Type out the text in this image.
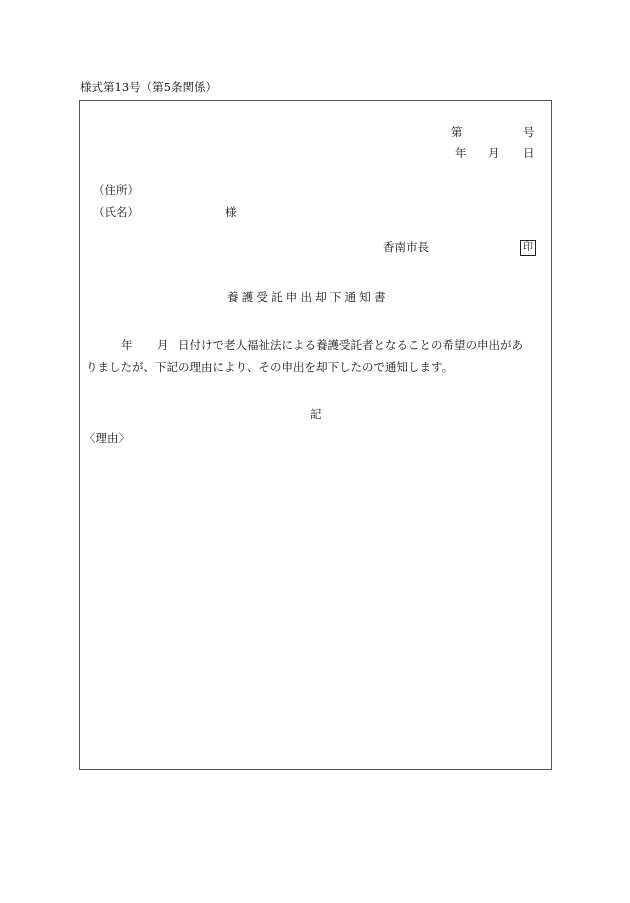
様式第13号（第5条関係）
第	号
年 月 日
（住所）
（氏名）	様
香南市長	印
養護受託申出却下通知書
年 月 日付けで老人福祉法による養護受託者となることの希望の申出があ
りましたが、下記の理由により、その申出を却下したので通知します。
記
〈理由〉
